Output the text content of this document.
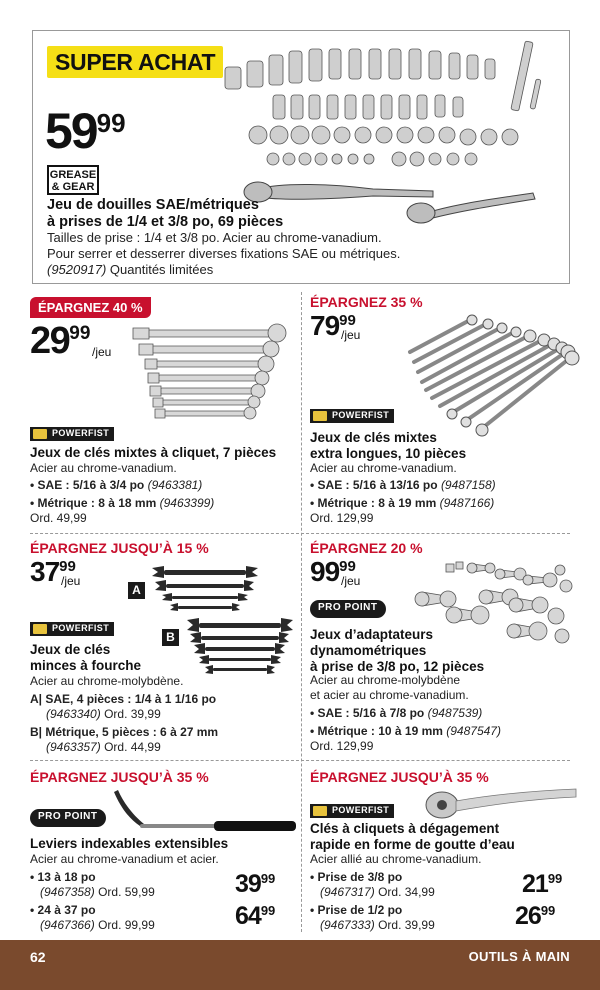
SUPER ACHAT
5999
GREASE
& GEAR
Jeu de douilles SAE/métriques
à prises de 1/4 et 3/8 po, 69 pièces
Tailles de prise : 1/4 et 3/8 po. Acier au chrome-vanadium.
Pour serrer et desserrer diverses fixations SAE ou métriques.
(9520917) Quantités limitées
ÉPARGNEZ 40 %
2999
/jeu
POWERFIST
Jeux de clés mixtes à cliquet, 7 pièces
Acier au chrome-vanadium.
• SAE : 5/16 à 3/4 po (9463381)
• Métrique : 8 à 18 mm (9463399)
Ord. 49,99
ÉPARGNEZ 35 %
7999
/jeu
POWERFIST
Jeux de clés mixtes
extra longues, 10 pièces
Acier au chrome-vanadium.
• SAE : 5/16 à 13/16 po (9487158)
• Métrique : 8 à 19 mm (9487166)
Ord. 129,99
ÉPARGNEZ JUSQU’À 15 %
3799
/jeu
A
B
POWERFIST
Jeux de clés
minces à fourche
Acier au chrome-molybdène.
A| SAE, 4 pièces : 1/4 à 1 1/16 po
(9463340) Ord. 39,99
B| Métrique, 5 pièces : 6 à 27 mm
(9463357) Ord. 44,99
ÉPARGNEZ 20 %
9999
/jeu
PRO POINT
Jeux d’adaptateurs
dynamométriques
à prise de 3/8 po, 12 pièces
Acier au chrome-molybdène
et acier au chrome-vanadium.
• SAE : 5/16 à 7/8 po (9487539)
• Métrique : 10 à 19 mm (9487547)
Ord. 129,99
ÉPARGNEZ JUSQU’À 35 %
PRO POINT
Leviers indexables extensibles
Acier au chrome-vanadium et acier.
• 13 à 18 po
(9467358) Ord. 59,99
• 24 à 37 po
(9467366) Ord. 99,99
$39^{99}$
$64^{99}$
ÉPARGNEZ JUSQU’À 35 %
POWERFIST
Clés à cliquets à dégagement
rapide en forme de goutte d’eau
Acier allié au chrome-vanadium.
• Prise de 3/8 po
(9467317) Ord. 34,99
• Prise de 1/2 po
(9467333) Ord. 39,99
$21^{99}$
$26^{99}$
62	OUTILS À MAIN
